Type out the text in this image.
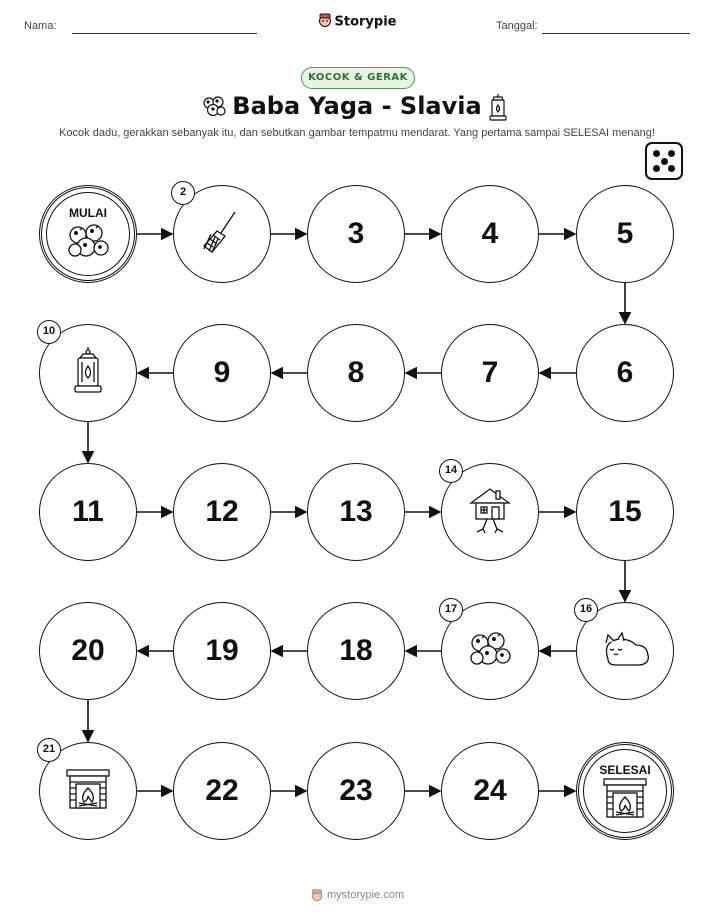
Nama:	Storypie	Tanggal:
KOCOK & GERAK
Baba Yaga - Slavia
Kocok dadu, gerakkan sebanyak itu, dan sebutkan gambar tempatmu mendarat. Yang pertama sampai SELESAI menang!
MULAI
2
3	4	5
6
7
8
9
10
11	12	13
14
15
16
17
18
19
20
21
22	23	24
SELESAI
mystorypie.com
